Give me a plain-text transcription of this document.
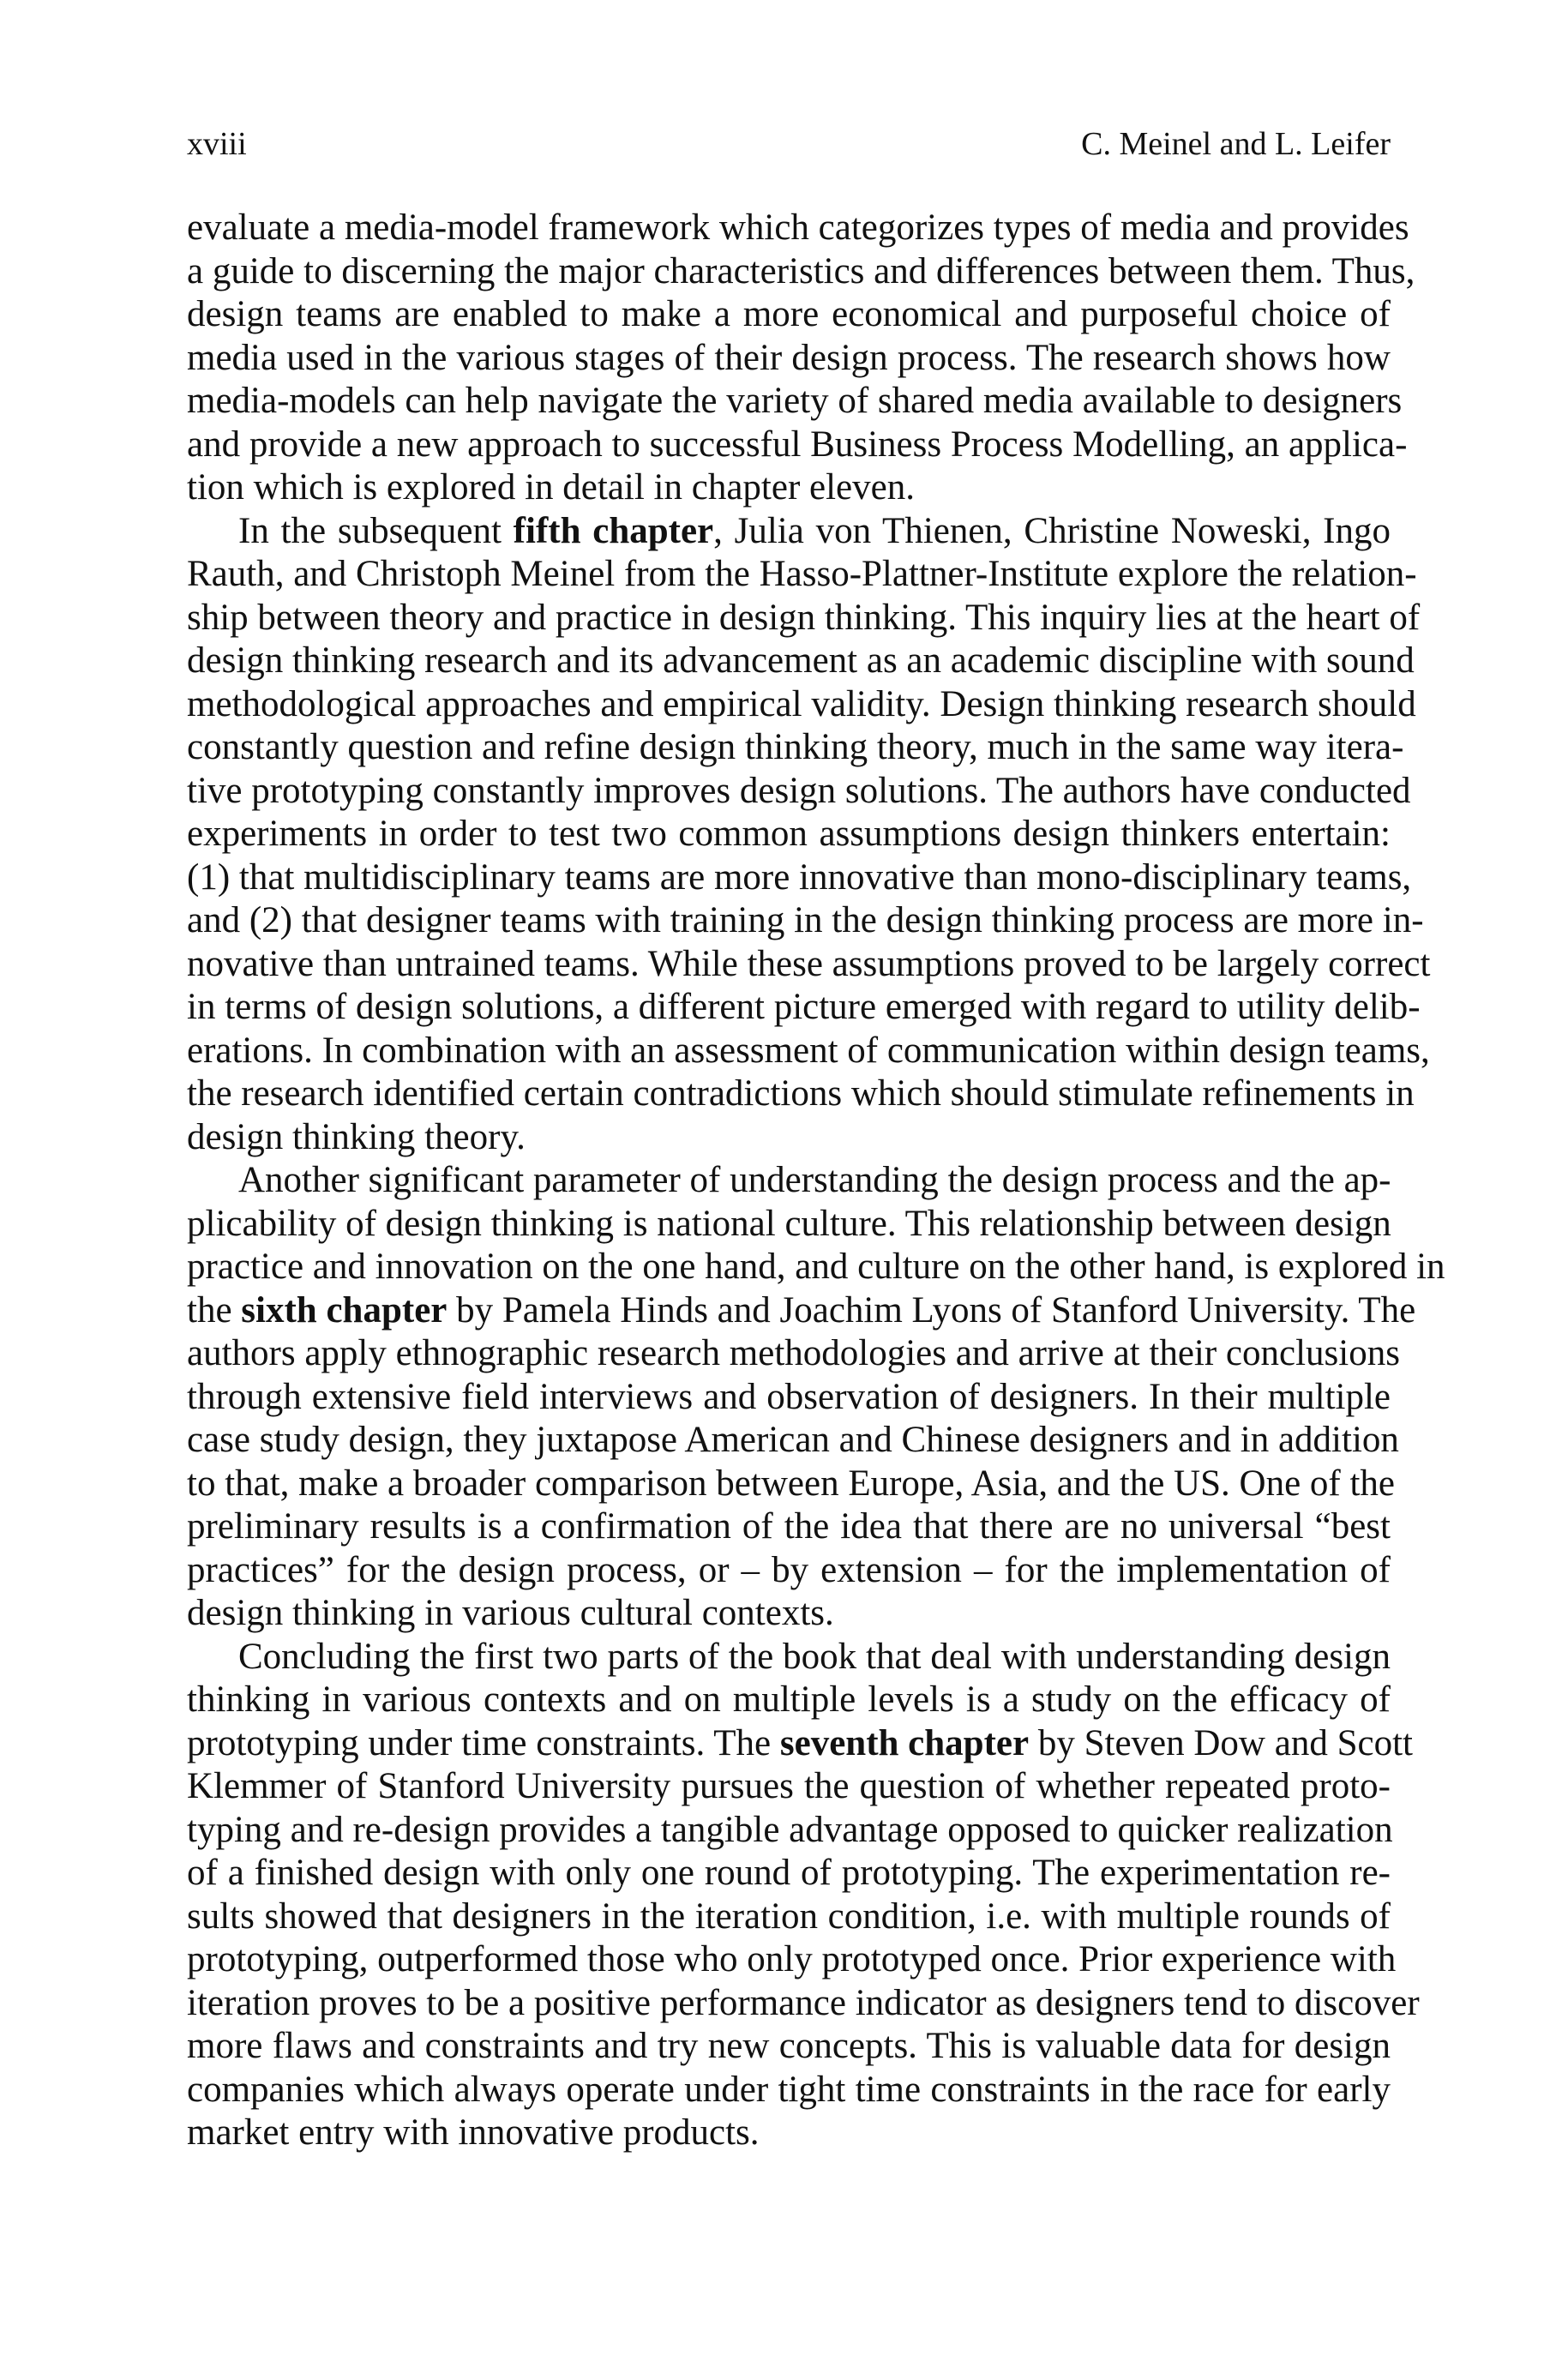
xviii	C. Meinel and L. Leifer
evaluate a media-model framework which categorizes types of media and provides
a guide to discerning the major characteristics and differences between them. Thus,
design teams are enabled to make a more economical and purposeful choice of
media used in the various stages of their design process. The research shows how
media-models can help navigate the variety of shared media available to designers
and provide a new approach to successful Business Process Modelling, an applica-
tion which is explored in detail in chapter eleven.
In the subsequent fifth chapter, Julia von Thienen, Christine Noweski, Ingo
Rauth, and Christoph Meinel from the Hasso-Plattner-Institute explore the relation-
ship between theory and practice in design thinking. This inquiry lies at the heart of
design thinking research and its advancement as an academic discipline with sound
methodological approaches and empirical validity. Design thinking research should
constantly question and refine design thinking theory, much in the same way itera-
tive prototyping constantly improves design solutions. The authors have conducted
experiments in order to test two common assumptions design thinkers entertain:
(1) that multidisciplinary teams are more innovative than mono-disciplinary teams,
and (2) that designer teams with training in the design thinking process are more in-
novative than untrained teams. While these assumptions proved to be largely correct
in terms of design solutions, a different picture emerged with regard to utility delib-
erations. In combination with an assessment of communication within design teams,
the research identified certain contradictions which should stimulate refinements in
design thinking theory.
Another significant parameter of understanding the design process and the ap-
plicability of design thinking is national culture. This relationship between design
practice and innovation on the one hand, and culture on the other hand, is explored in
the sixth chapter by Pamela Hinds and Joachim Lyons of Stanford University. The
authors apply ethnographic research methodologies and arrive at their conclusions
through extensive field interviews and observation of designers. In their multiple
case study design, they juxtapose American and Chinese designers and in addition
to that, make a broader comparison between Europe, Asia, and the US. One of the
preliminary results is a confirmation of the idea that there are no universal “best
practices” for the design process, or – by extension – for the implementation of
design thinking in various cultural contexts.
Concluding the first two parts of the book that deal with understanding design
thinking in various contexts and on multiple levels is a study on the efficacy of
prototyping under time constraints. The seventh chapter by Steven Dow and Scott
Klemmer of Stanford University pursues the question of whether repeated proto-
typing and re-design provides a tangible advantage opposed to quicker realization
of a finished design with only one round of prototyping. The experimentation re-
sults showed that designers in the iteration condition, i.e. with multiple rounds of
prototyping, outperformed those who only prototyped once. Prior experience with
iteration proves to be a positive performance indicator as designers tend to discover
more flaws and constraints and try new concepts. This is valuable data for design
companies which always operate under tight time constraints in the race for early
market entry with innovative products.
